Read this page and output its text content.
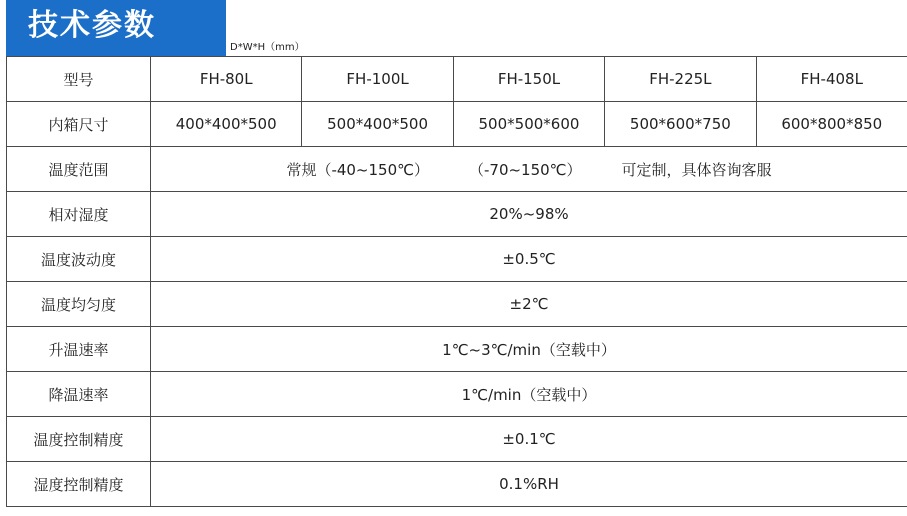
技术参数
D*W*H（mm）
型号	FH-80L	FH-100L	FH-150L	FH-225L	FH-408L
内箱尺寸	400*400*500	500*400*500	500*500*600	500*600*750	600*800*850
温度范围	常规（-40~150℃） （-70~150℃） 可定制，具体咨询客服				
相对湿度	20%~98%				
温度波动度	±0.5℃				
温度均匀度	±2℃				
升温速率	1℃~3℃/min（空载中）				
降温速率	1℃/min（空载中）				
温度控制精度	±0.1℃				
湿度控制精度	0.1%RH				
